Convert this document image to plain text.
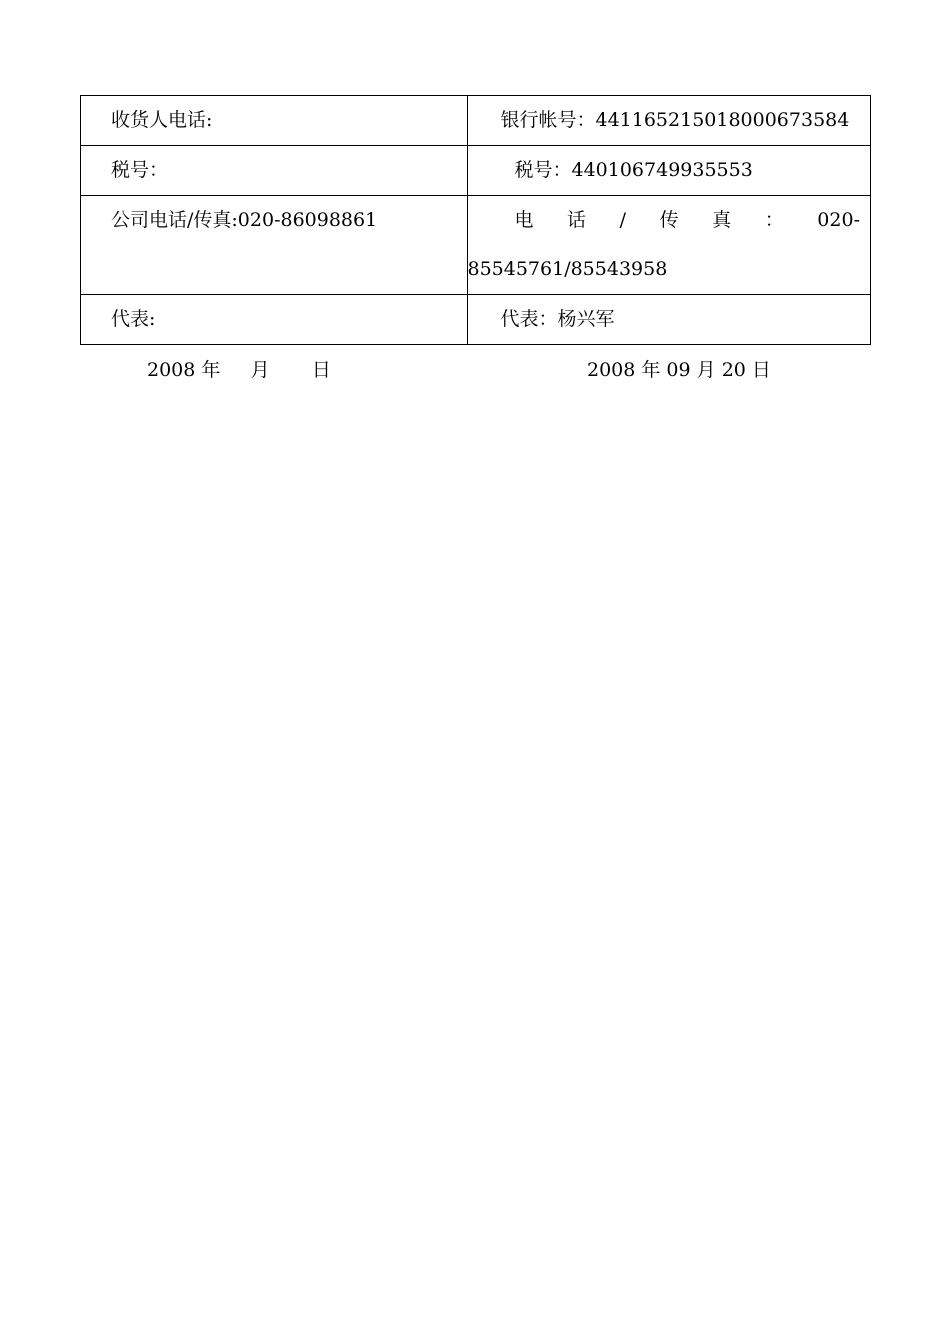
收货人电话:	银行帐号：44116521501800067358​4

税号：	税号：440106749935553

公司电话/传真:020-86098861	电话/传真：020-
85545761/85543958

代表:	代表：杨兴军
2008 年     月       日	2008 年 09 月 20 日
